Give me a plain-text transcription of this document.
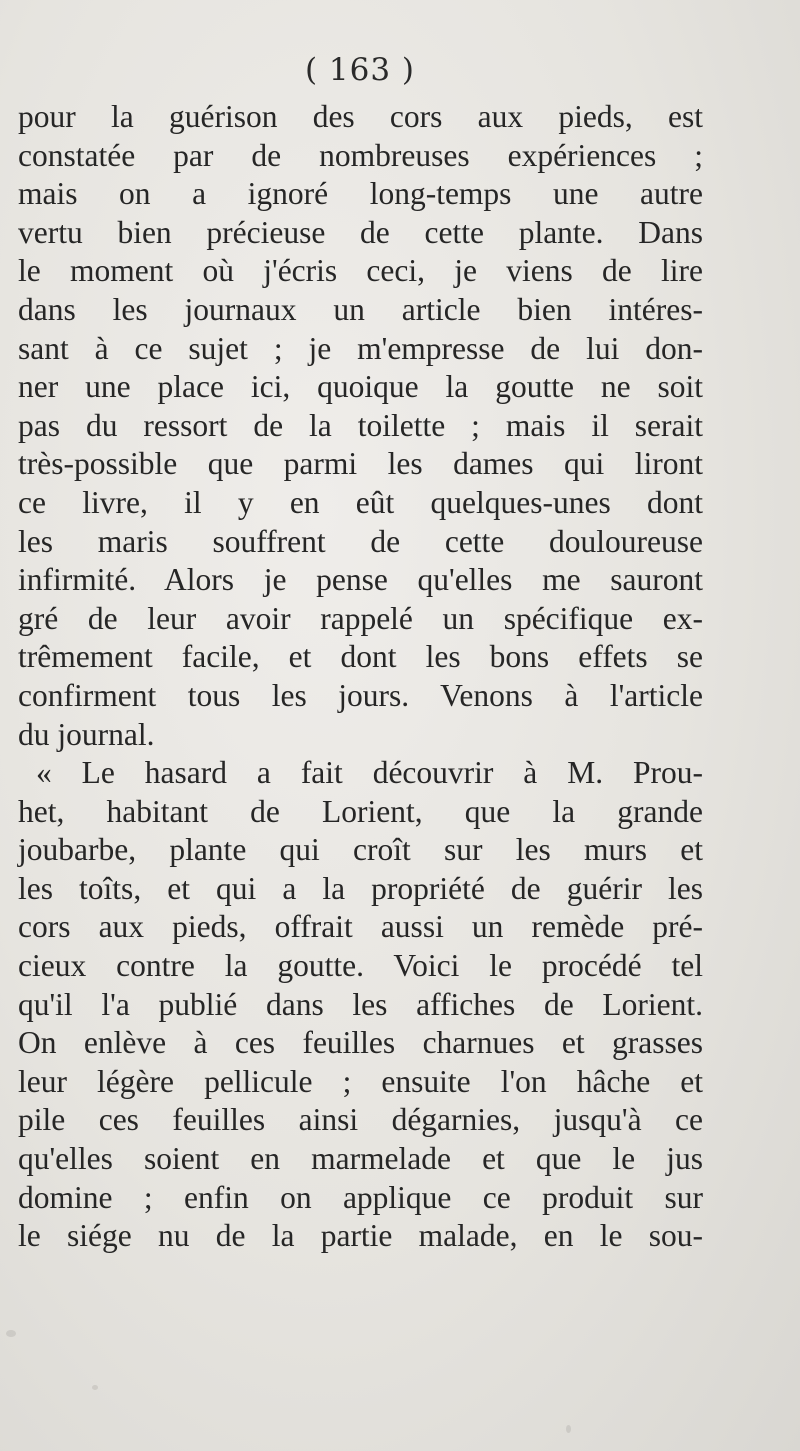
( 163 )
pour la guérison des cors aux pieds, est
constatée par de nombreuses expériences ;
mais on a ignoré long-temps une autre
vertu bien précieuse de cette plante. Dans
le moment où j'écris ceci, je viens de lire
dans les journaux un article bien intéres-
sant à ce sujet ; je m'empresse de lui don-
ner une place ici, quoique la goutte ne soit
pas du ressort de la toilette ; mais il serait
très-possible que parmi les dames qui liront
ce livre, il y en eût quelques-unes dont
les maris souffrent de cette douloureuse
infirmité. Alors je pense qu'elles me sauront
gré de leur avoir rappelé un spécifique ex-
trêmement facile, et dont les bons effets se
confirment tous les jours. Venons à l'article
du journal.
« Le hasard a fait découvrir à M. Prou-
het, habitant de Lorient, que la grande
joubarbe, plante qui croît sur les murs et
les toîts, et qui a la propriété de guérir les
cors aux pieds, offrait aussi un remède pré-
cieux contre la goutte. Voici le procédé tel
qu'il l'a publié dans les affiches de Lorient.
On enlève à ces feuilles charnues et grasses
leur légère pellicule ; ensuite l'on hâche et
pile ces feuilles ainsi dégarnies, jusqu'à ce
qu'elles soient en marmelade et que le jus
domine ; enfin on applique ce produit sur
le siége nu de la partie malade, en le sou-
